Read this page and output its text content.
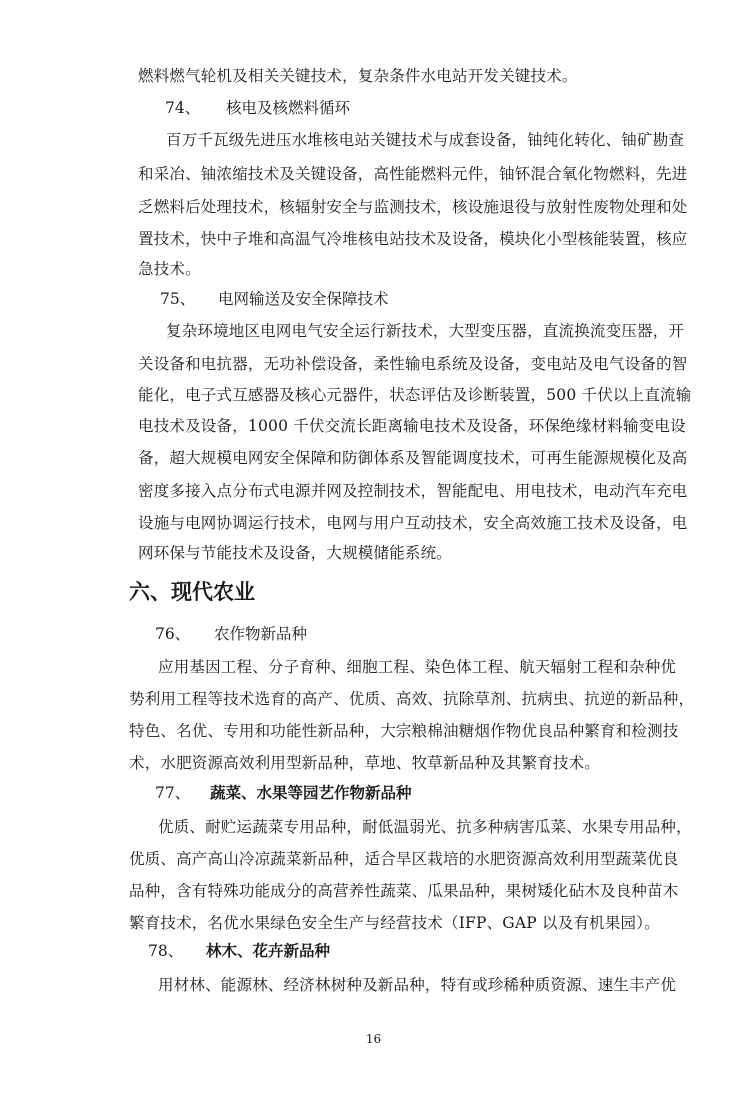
燃料燃气轮机及相关关键技术，复杂条件水电站开发关键技术。
74、 核电及核燃料循环
百万千瓦级先进压水堆核电站关键技术与成套设备，铀纯化转化、铀矿勘查
和采冶、铀浓缩技术及关键设备，高性能燃料元件，铀钚混合氧化物燃料，先进
乏燃料后处理技术，核辐射安全与监测技术，核设施退役与放射性废物处理和处
置技术，快中子堆和高温气冷堆核电站技术及设备，模块化小型核能装置，核应
急技术。
75、 电网输送及安全保障技术
复杂环境地区电网电气安全运行新技术，大型变压器，直流换流变压器，开
关设备和电抗器，无功补偿设备，柔性输电系统及设备，变电站及电气设备的智
能化，电子式互感器及核心元器件，状态评估及诊断装置，500 千伏以上直流输
电技术及设备，1000 千伏交流长距离输电技术及设备，环保绝缘材料输变电设
备，超大规模电网安全保障和防御体系及智能调度技术，可再生能源规模化及高
密度多接入点分布式电源并网及控制技术，智能配电、用电技术，电动汽车充电
设施与电网协调运行技术，电网与用户互动技术，安全高效施工技术及设备，电
网环保与节能技术及设备，大规模储能系统。
六、现代农业
76、 农作物新品种
应用基因工程、分子育种、细胞工程、染色体工程、航天辐射工程和杂种优
势利用工程等技术选育的高产、优质、高效、抗除草剂、抗病虫、抗逆的新品种，
特色、名优、专用和功能性新品种，大宗粮棉油糖烟作物优良品种繁育和检测技
术，水肥资源高效利用型新品种，草地、牧草新品种及其繁育技术。
77、 蔬菜、水果等园艺作物新品种
优质、耐贮运蔬菜专用品种，耐低温弱光、抗多种病害瓜菜、水果专用品种，
优质、高产高山冷凉蔬菜新品种，适合旱区栽培的水肥资源高效利用型蔬菜优良
品种，含有特殊功能成分的高营养性蔬菜、瓜果品种，果树矮化砧木及良种苗木
繁育技术，名优水果绿色安全生产与经营技术（IFP、GAP 以及有机果园）。
78、 林木、花卉新品种
用材林、能源林、经济林树种及新品种，特有或珍稀种质资源、速生丰产优
16
